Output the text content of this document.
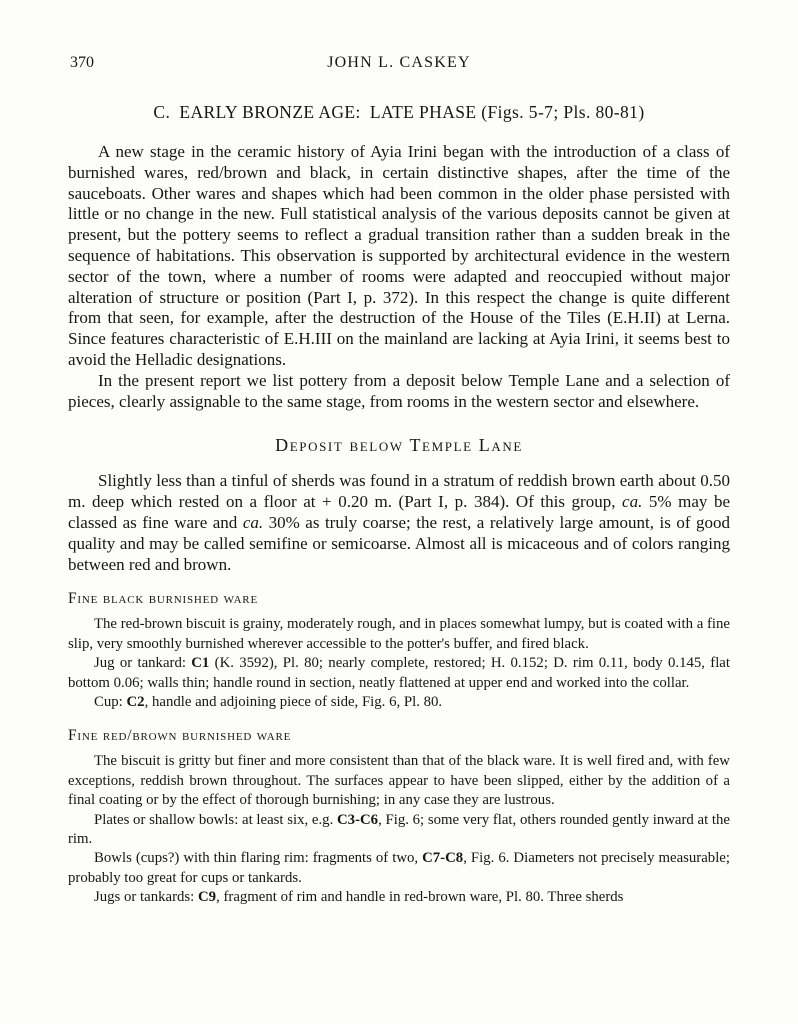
370	JOHN L. CASKEY
C. EARLY BRONZE AGE: LATE PHASE (Figs. 5-7; Pls. 80-81)

A new stage in the ceramic history of Ayia Irini began with the introduction of a class of burnished wares, red/brown and black, in certain distinctive shapes, after the time of the sauceboats. Other wares and shapes which had been common in the older phase persisted with little or no change in the new. Full statistical analysis of the various deposits cannot be given at present, but the pottery seems to reflect a gradual transition rather than a sudden break in the sequence of habitations. This observation is supported by architectural evidence in the western sector of the town, where a number of rooms were adapted and reoccupied without major alteration of structure or position (Part I, p. 372). In this respect the change is quite different from that seen, for example, after the destruction of the House of the Tiles (E.H.II) at Lerna. Since features characteristic of E.H.III on the mainland are lacking at Ayia Irini, it seems best to avoid the Helladic designations.

In the present report we list pottery from a deposit below Temple Lane and a selection of pieces, clearly assignable to the same stage, from rooms in the western sector and elsewhere.

Deposit below Temple Lane

Slightly less than a tinful of sherds was found in a stratum of reddish brown earth about 0.50 m. deep which rested on a floor at + 0.20 m. (Part I, p. 384). Of this group, ca. 5% may be classed as fine ware and ca. 30% as truly coarse; the rest, a relatively large amount, is of good quality and may be called semifine or semicoarse. Almost all is micaceous and of colors ranging between red and brown.

Fine black burnished ware

The red-brown biscuit is grainy, moderately rough, and in places somewhat lumpy, but is coated with a fine slip, very smoothly burnished wherever accessible to the potter's buffer, and fired black.

Jug or tankard: C1 (K. 3592), Pl. 80; nearly complete, restored; H. 0.152; D. rim 0.11, body 0.145, flat bottom 0.06; walls thin; handle round in section, neatly flattened at upper end and worked into the collar.

Cup: C2, handle and adjoining piece of side, Fig. 6, Pl. 80.

Fine red/brown burnished ware

The biscuit is gritty but finer and more consistent than that of the black ware. It is well fired and, with few exceptions, reddish brown throughout. The surfaces appear to have been slipped, either by the addition of a final coating or by the effect of thorough burnishing; in any case they are lustrous.

Plates or shallow bowls: at least six, e.g. C3-C6, Fig. 6; some very flat, others rounded gently inward at the rim.

Bowls (cups?) with thin flaring rim: fragments of two, C7-C8, Fig. 6. Diameters not precisely measurable; probably too great for cups or tankards.

Jugs or tankards: C9, fragment of rim and handle in red-brown ware, Pl. 80. Three sherds
